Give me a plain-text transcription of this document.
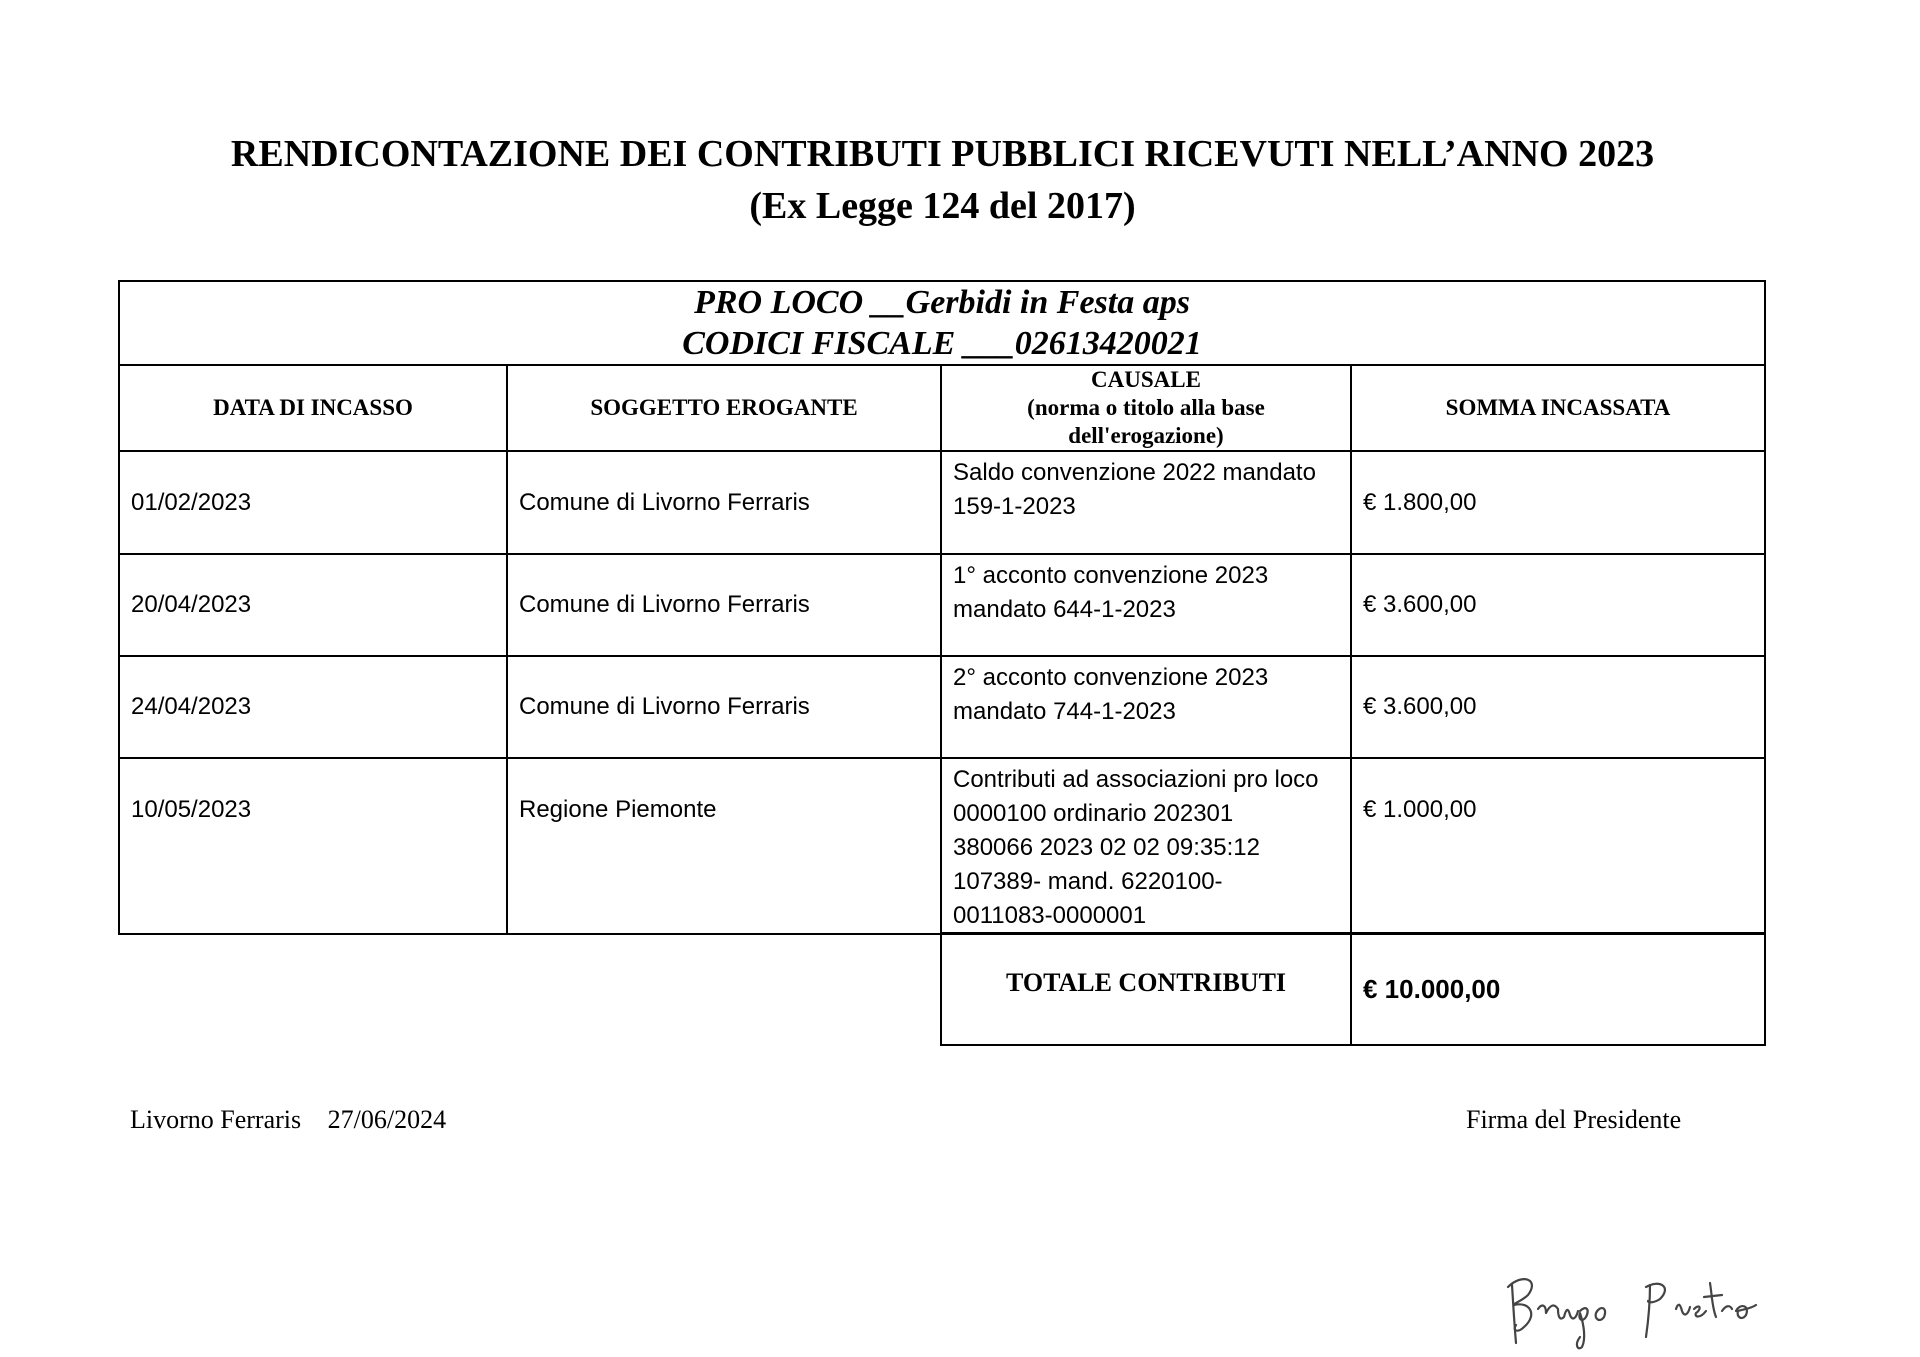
RENDICONTAZIONE DEI CONTRIBUTI PUBBLICI RICEVUTI NELL’ANNO 2023
(Ex Legge 124 del 2017)
PRO LOCO __Gerbidi in Festa aps
CODICI FISCALE ___02613420021			

DATA DI INCASSO	SOGGETTO EROGANTE	CAUSALE
(norma o titolo alla base
dell'erogazione)	SOMMA INCASSATA

01/02/2023	Comune di Livorno Ferraris	Saldo convenzione 2022 mandato
159-1-2023	€ 1.800,00
20/04/2023	Comune di Livorno Ferraris	1° acconto convenzione 2023
mandato 644-1-2023	€ 3.600,00
24/04/2023	Comune di Livorno Ferraris	2° acconto convenzione 2023
mandato 744-1-2023	€ 3.600,00
10/05/2023	Regione Piemonte	Contributi ad associazioni pro loco
0000100 ordinario 202301
380066 2023 02 02 09:35:12
107389- mand. 6220100-
0011083-0000001	€ 1.000,00
TOTALE CONTRIBUTI	€ 10.000,00
Livorno Ferraris 27/06/2024	Firma del Presidente
